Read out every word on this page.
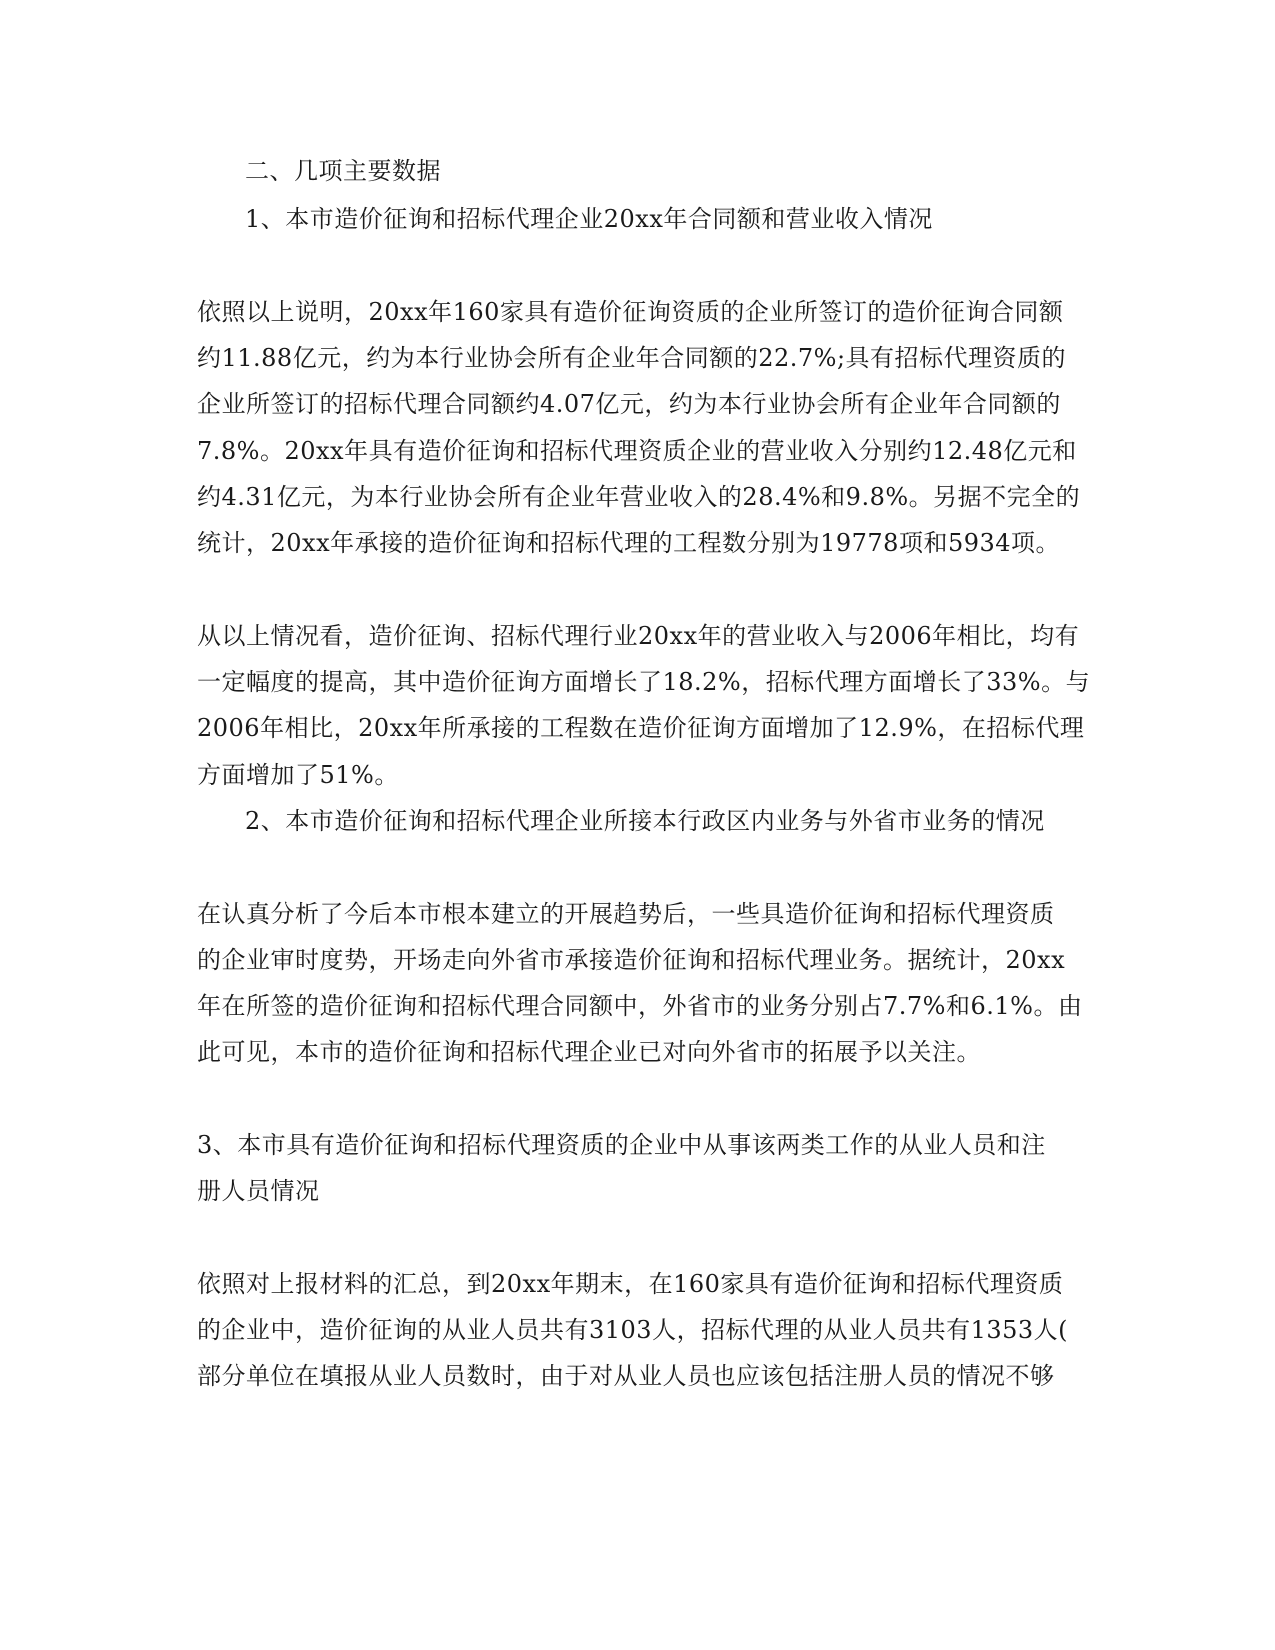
二、几项主要数据
1、本市造价征询和招标代理企业20xx年合同额和营业收入情况
依照以上说明，20xx年160家具有造价征询资质的企业所签订的造价征询合同额
约11.88亿元，约为本行业协会所有企业年合同额的22.7%;具有招标代理资质的
企业所签订的招标代理合同额约4.07亿元，约为本行业协会所有企业年合同额的
7.8%。20xx年具有造价征询和招标代理资质企业的营业收入分别约12.48亿元和
约4.31亿元，为本行业协会所有企业年营业收入的28.4%和9.8%。另据不完全的
统计，20xx年承接的造价征询和招标代理的工程数分别为19778项和5934项。
从以上情况看，造价征询、招标代理行业20xx年的营业收入与2006年相比，均有
一定幅度的提高，其中造价征询方面增长了18.2%，招标代理方面增长了33%。与
2006年相比，20xx年所承接的工程数在造价征询方面增加了12.9%，在招标代理
方面增加了51%。
2、本市造价征询和招标代理企业所接本行政区内业务与外省市业务的情况
在认真分析了今后本市根本建立的开展趋势后，一些具造价征询和招标代理资质
的企业审时度势，开场走向外省市承接造价征询和招标代理业务。据统计，20xx
年在所签的造价征询和招标代理合同额中，外省市的业务分别占7.7%和6.1%。由
此可见，本市的造价征询和招标代理企业已对向外省市的拓展予以关注。
3、本市具有造价征询和招标代理资质的企业中从事该两类工作的从业人员和注
册人员情况
依照对上报材料的汇总，到20xx年期末，在160家具有造价征询和招标代理资质
的企业中，造价征询的从业人员共有3103人，招标代理的从业人员共有1353人(
部分单位在填报从业人员数时，由于对从业人员也应该包括注册人员的情况不够
